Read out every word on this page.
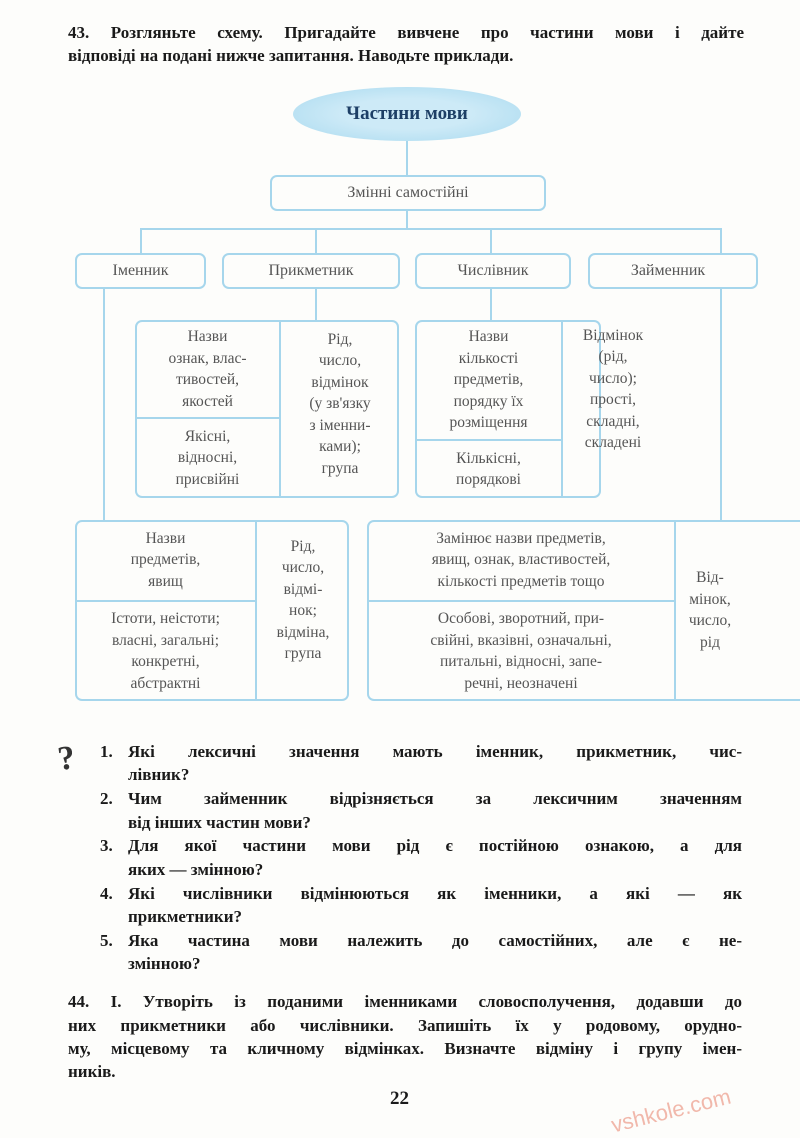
vshkole.com
43. Розгляньте схему. Пригадайте вивчене про частини мови і дайте
відповіді на подані нижче запитання. Наводьте приклади.
Частини мови
Змінні самостійні
Іменник	Прикметник	Числівник	Займенник
Назви
ознак, влас-
тивостей,
якостей
Якісні,
відносні,
присвійні
Рід,
число,
відмінок
(у зв'язку
з іменни-
ками);
група
Назви
кількості
предметів,
порядку їх
розміщення
Кількісні,
порядкові
Відмінок
(рід,
число);
прості,
складні,
складені
Назви
предметів,
явищ
Істоти, неістоти;
власні, загальні;
конкретні,
абстрактні
Рід,
число,
відмі-
нок;
відміна,
група
Замінює назви предметів,
явищ, ознак, властивостей,
кількості предметів тощо
Особові, зворотний, при-
свійні, вказівні, означальні,
питальні, відносні, запе-
речні, неозначені
Від-
мінок,
число,
рід
? 1. Які лексичні значення мають іменник, прикметник, чис-
лівник?
2. Чим займенник відрізняється за лексичним значенням
від інших частин мови?
3. Для якої частини мови рід є постійною ознакою, а для
яких — змінною?
4. Які числівники відмінюються як іменники, а які — як
прикметники?
5. Яка частина мови належить до самостійних, але є не-
змінною?
44. І. Утворіть із поданими іменниками словосполучення, додавши до
них прикметники або числівники. Запишіть їх у родовому, орудно-
му, місцевому та кличному відмінках. Визначте відміну і групу імен-
ників.
22
